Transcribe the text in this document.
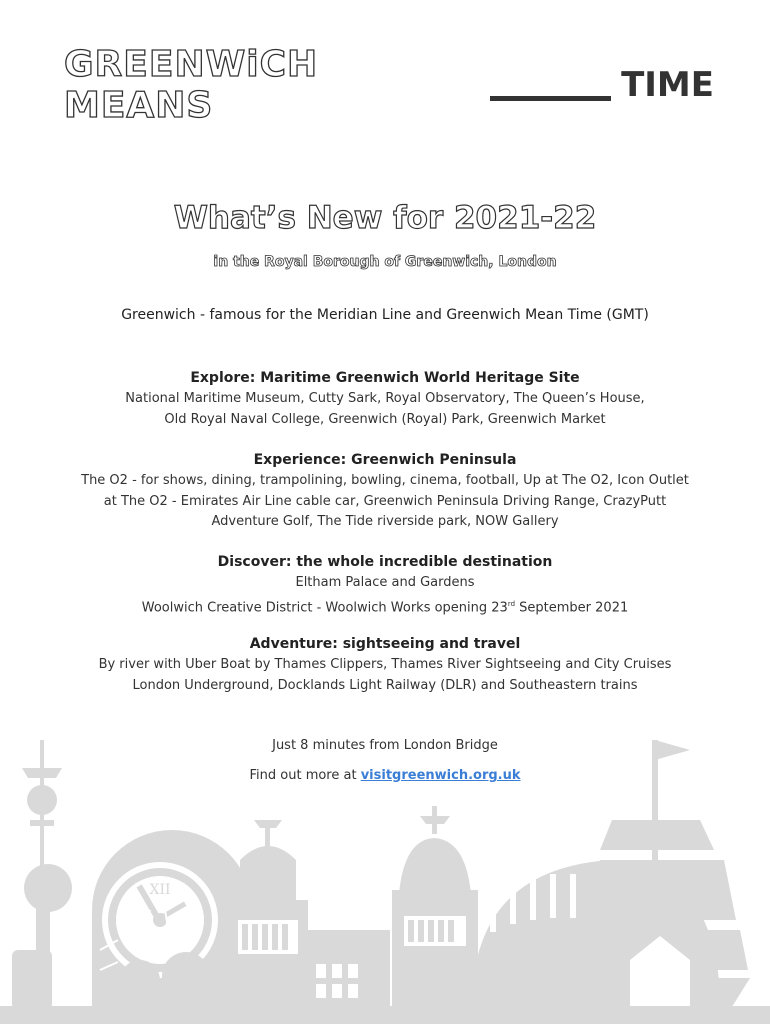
GREENWiCH MEANS	TIME
What’s New for 2021-22
in the Royal Borough of Greenwich, London
Greenwich - famous for the Meridian Line and Greenwich Mean Time (GMT)
Explore: Maritime Greenwich World Heritage Site

National Maritime Museum, Cutty Sark, Royal Observatory, The Queen’s House,

Old Royal Naval College, Greenwich (Royal) Park, Greenwich Market

Experience: Greenwich Peninsula

The O2 - for shows, dining, trampolining, bowling, cinema, football, Up at The O2, Icon Outlet

at The O2 - Emirates Air Line cable car, Greenwich Peninsula Driving Range, CrazyPutt

Adventure Golf, The Tide riverside park, NOW Gallery

Discover: the whole incredible destination

Eltham Palace and Gardens

Woolwich Creative District - Woolwich Works opening 23rd September 2021

Adventure: sightseeing and travel

By river with Uber Boat by Thames Clippers, Thames River Sightseeing and City Cruises

London Underground, Docklands Light Railway (DLR) and Southeastern trains

Just 8 minutes from London Bridge
Find out more at visitgreenwich.org.uk
XII
